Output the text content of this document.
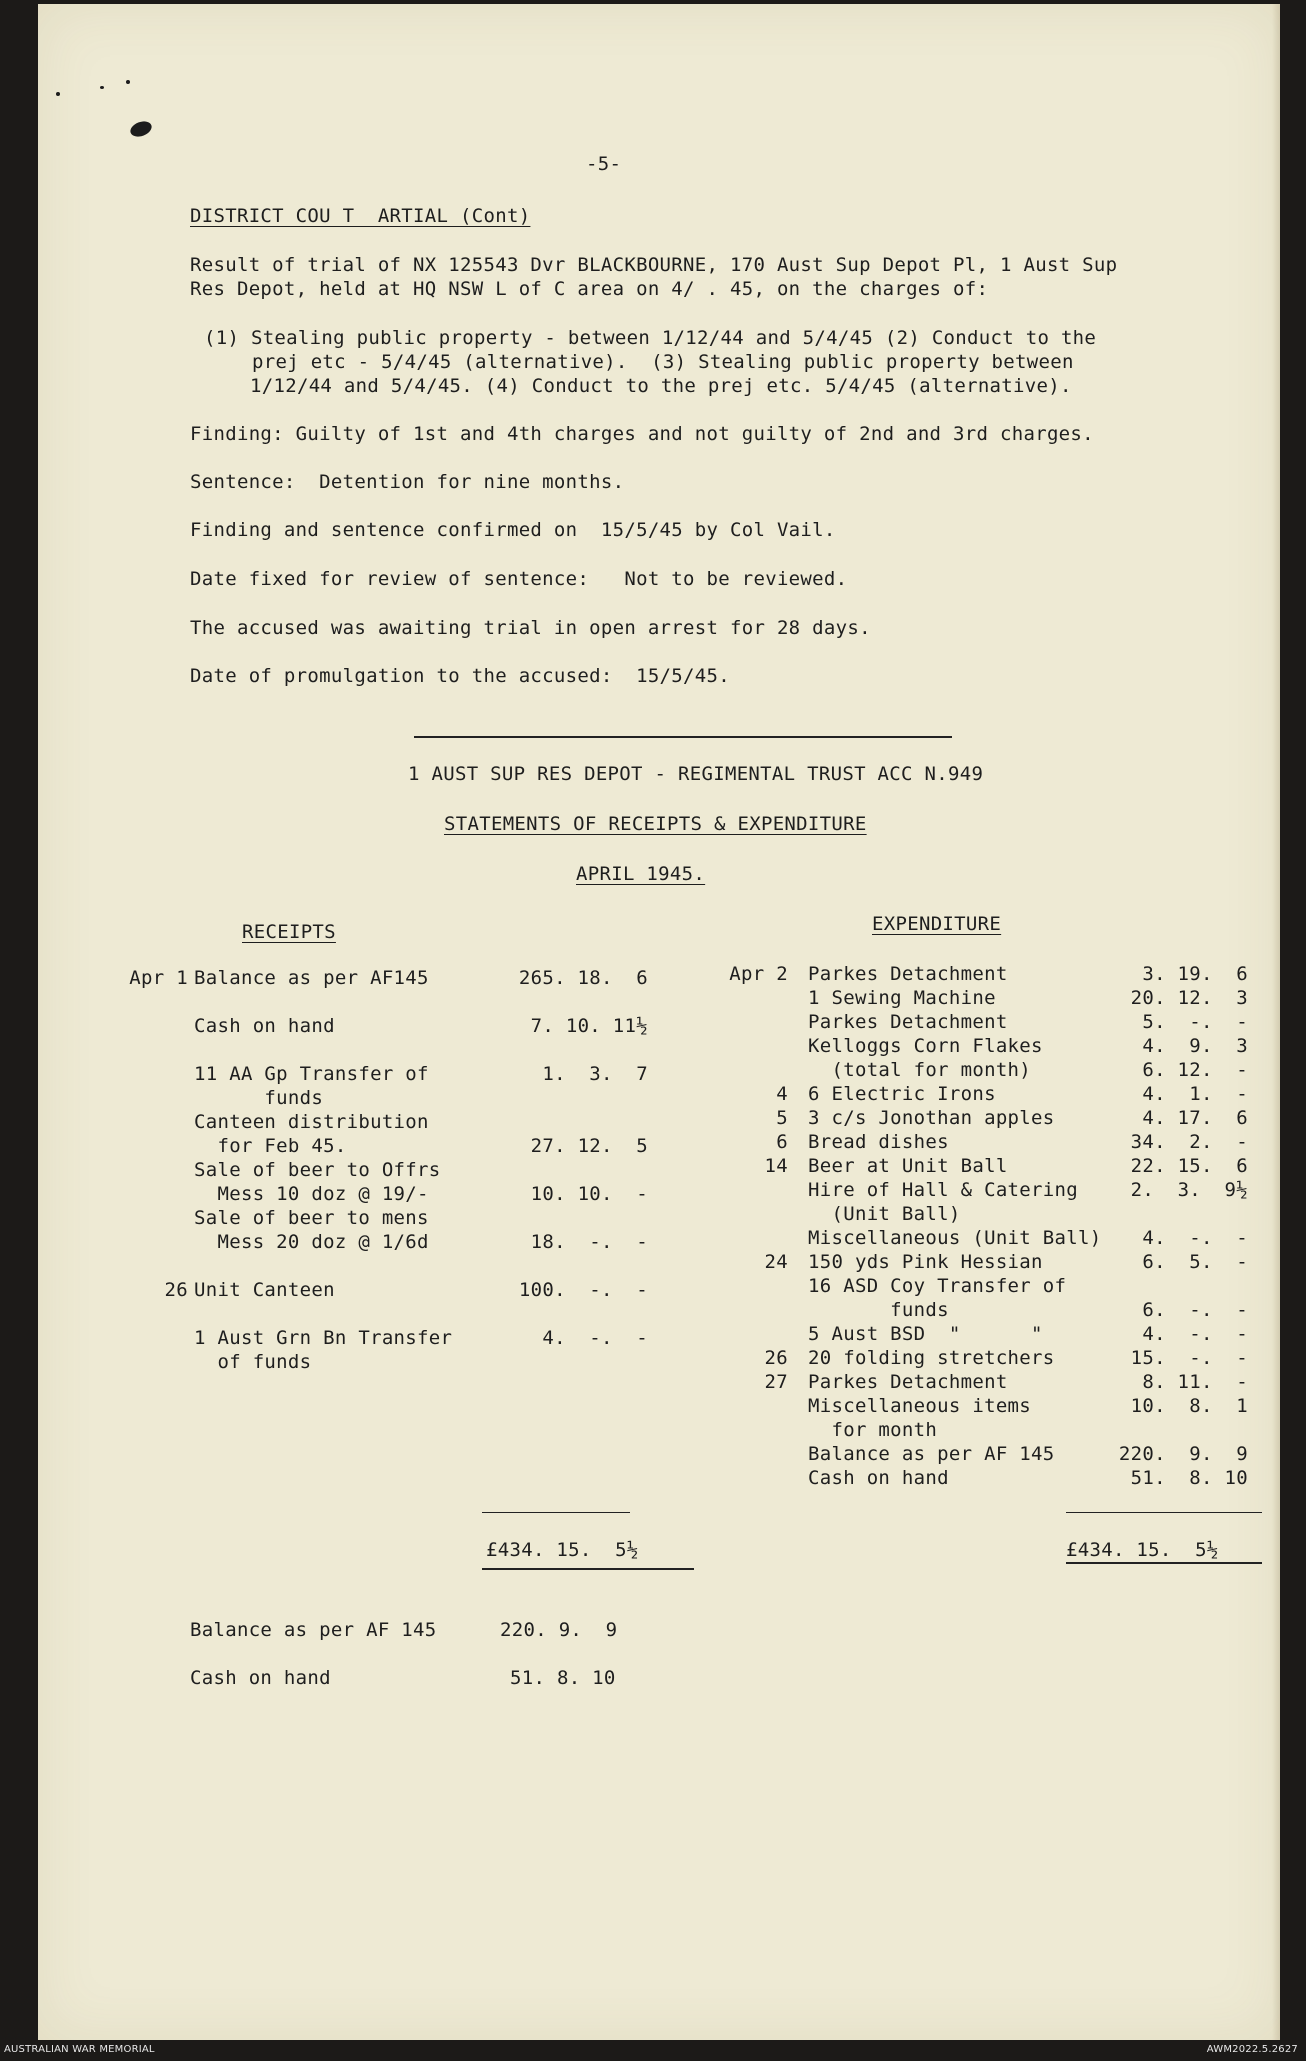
-5-
DISTRICT COU T  ARTIAL (Cont)
Result of trial of NX 125543 Dvr BLACKBOURNE, 170 Aust Sup Depot Pl, 1 Aust Sup
Res Depot, held at HQ NSW L of C area on 4/ . 45, on the charges of:
(1) Stealing public property - between 1/12/44 and 5/4/45 (2) Conduct to the
prej etc - 5/4/45 (alternative).  (3) Stealing public property between
1/12/44 and 5/4/45. (4) Conduct to the prej etc. 5/4/45 (alternative).
Finding: Guilty of 1st and 4th charges and not guilty of 2nd and 3rd charges.
Sentence:  Detention for nine months.
Finding and sentence confirmed on  15/5/45 by Col Vail.
Date fixed for review of sentence:   Not to be reviewed.
The accused was awaiting trial in open arrest for 28 days.
Date of promulgation to the accused:  15/5/45.
1 AUST SUP RES DEPOT - REGIMENTAL TRUST ACC N.949
STATEMENTS OF RECEIPTS & EXPENDITURE
APRIL 1945.
RECEIPTS	EXPENDITURE
Apr 1 Balance as per AF145	265. 18.  6
Cash on hand	7. 10. 11½
11 AA Gp Transfer of	1.  3.  7
funds
Canteen distribution
for Feb 45.	27. 12.  5
Sale of beer to Offrs
Mess 10 doz @ 19/-	10. 10.  -
Sale of beer to mens
Mess 20 doz @ 1/6d	18.  -.  -
26 Unit Canteen	100.  -.  -
1 Aust Grn Bn Transfer	4.  -.  -
of funds
Apr 2 Parkes Detachment	3. 19.  6
1 Sewing Machine	20. 12.  3
Parkes Detachment	5.  -.  -
Kelloggs Corn Flakes	4.  9.  3
(total for month)	6. 12.  -
4 6 Electric Irons	4.  1.  -
5 3 c/s Jonothan apples	4. 17.  6
6 Bread dishes	34.  2.  -
14 Beer at Unit Ball	22. 15.  6
Hire of Hall & Catering	2.  3.  9½
(Unit Ball)
Miscellaneous (Unit Ball)	4.  -.  -
24 150 yds Pink Hessian	6.  5.  -
16 ASD Coy Transfer of
funds	6.  -.  -
5 Aust BSD  "      "	4.  -.  -
26 20 folding stretchers	15.  -.  -
27 Parkes Detachment	8. 11.  -
Miscellaneous items	10.  8.  1
for month
Balance as per AF 145	220.  9.  9
Cash on hand	51.  8. 10
£434. 15.  5½	£434. 15.  5½
Balance as per AF 145	220. 9.  9
Cash on hand	51. 8. 10
AUSTRALIAN WAR MEMORIAL	AWM2022.5.2627
